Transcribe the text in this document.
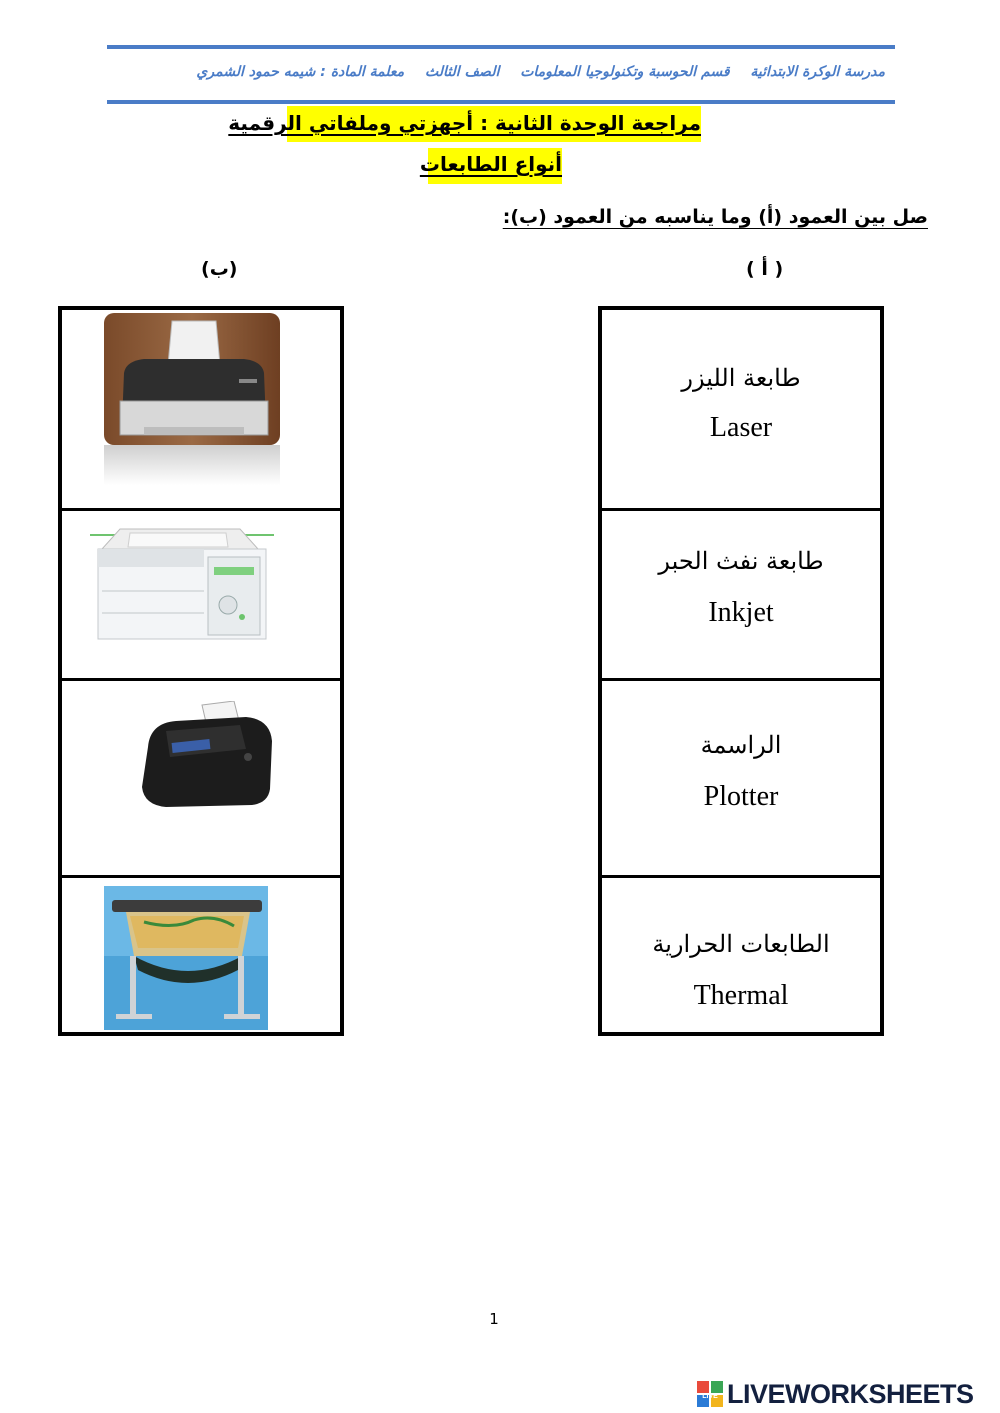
مدرسة الوكرة الابتدائية قسم الحوسبة وتكنولوجيا المعلومات الصف الثالث معلمة المادة : شيمه حمود الشمري
مراجعة الوحدة الثانية : أجهزتي وملفاتي الرقمية
أنواع الطابعات
صل بين العمود (أ) وما يناسبه من العمود (ب):
( أ )
(ب)
طابعة الليزر
Laser
طابعة نفث الحبر
Inkjet
الراسمة
Plotter
الطابعات الحرارية
Thermal
1
LIVE LIVEWORKSHEETS
